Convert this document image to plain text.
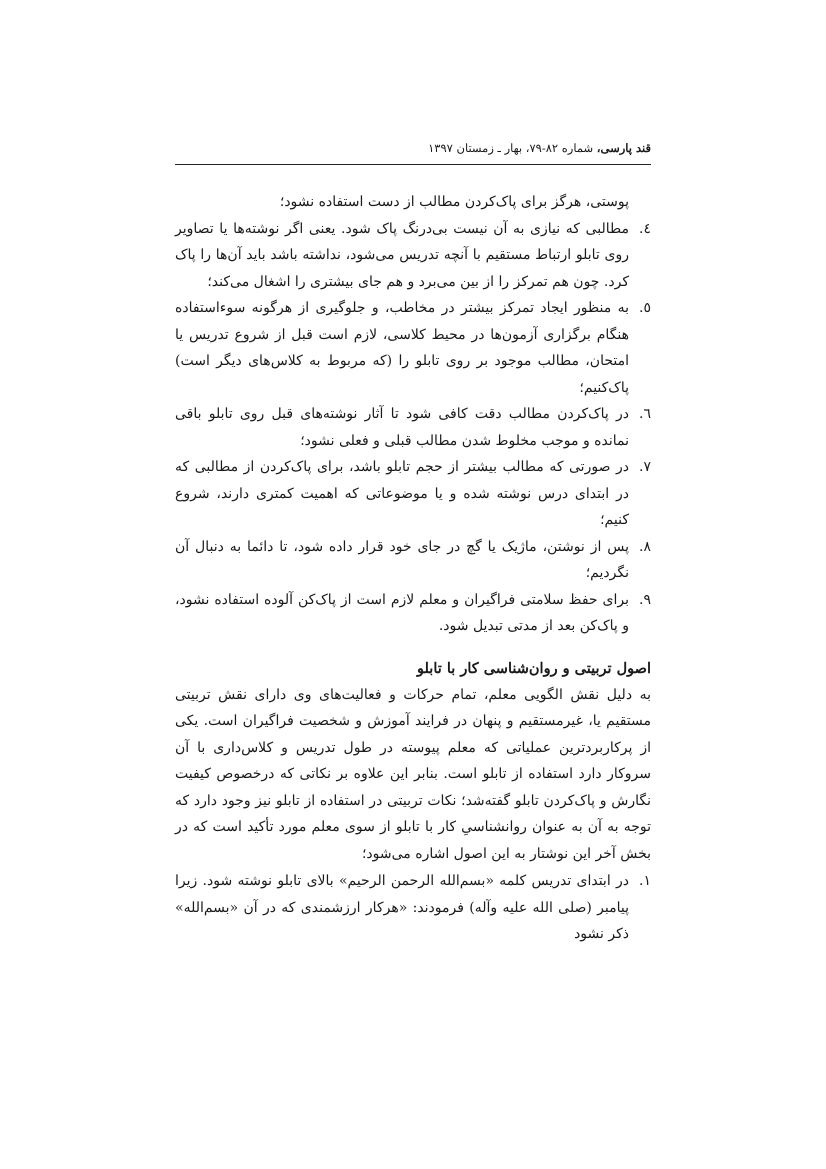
قند پارسی، شماره ۸۲-۷۹، بهار ـ زمستان ۱۳۹۷
پوستی، هرگز برای پاک‌کردن مطالب از دست استفاده نشود؛
٤.
مطالبی که نیازی به آن نیست بی‌درنگ پاک شود. یعنی اگر نوشته‌ها یا تصاویر روی تابلو ارتباط مستقیم با آنچه تدریس می‌شود، نداشته باشد باید آن‌ها را پاک کرد. چون هم تمرکز را از بین می‌برد و هم جای بیشتری را اشغال می‌کند؛
٥.
به منظور ایجاد تمرکز بیشتر در مخاطب، و جلوگیری از هرگونه سوءاستفاده هنگام برگزاری آزمون‌ها در محیط کلاسی، لازم است قبل از شروع تدریس یا امتحان، مطالب موجود بر روی تابلو را (که مربوط به کلاس‌های دیگر است) پاک‌کنیم؛
٦.
در پاک‌کردن مطالب دقت کافی شود تا آثار نوشته‌های قبل روی تابلو باقی نمانده و موجب مخلوط شدن مطالب قبلی و فعلی نشود؛
٧.
در صورتی که مطالب بیشتر از حجم تابلو باشد، برای پاک‌کردن از مطالبی که در ابتدای درس نوشته شده و یا موضوعاتی که اهمیت کمتری دارند، شروع کنیم؛
٨.
پس از نوشتن، ماژیک یا گچ در جای خود قرار داده شود، تا دائما به دنبال آن نگردیم؛
٩.
برای حفظ سلامتی فراگیران و معلم لازم است از پاک‌کن آلوده استفاده نشود، و پاک‌کن بعد از مدتی تبدیل شود.
اصول تربیتی و روان‌شناسی کار با تابلو

به دلیل نقش الگویی معلم، تمام حرکات و فعالیت‌های وی دارای نقش تربیتی مستقیم یا، غیرمستقیم و پنهان در فرایند آموزش و شخصیت فراگیران است. یکی از پرکاربردترین عملیاتی که معلم پیوسته در طول تدریس و کلاس‌داری با آن سروکار دارد استفاده از تابلو است. بنابر این علاوه بر نکاتی که درخصوص کیفیت نگارش و پاک‌کردن تابلو گفته‌شد؛ نکات تربیتی در استفاده از تابلو نیز وجود دارد که توجه به آن به عنوان روانشناسیِ کار با تابلو از سوی معلم مورد تأکید است که در بخش آخر این نوشتار به این اصول اشاره می‌شود؛

١.
در ابتدای تدریس کلمه «بسم‌الله الرحمن الرحیم» بالای تابلو نوشته شود. زیرا پیامبر (صلی الله علیه وآله) فرمودند: «هرکار ارزشمندی که در آن «بسم‌الله» ذکر نشود
